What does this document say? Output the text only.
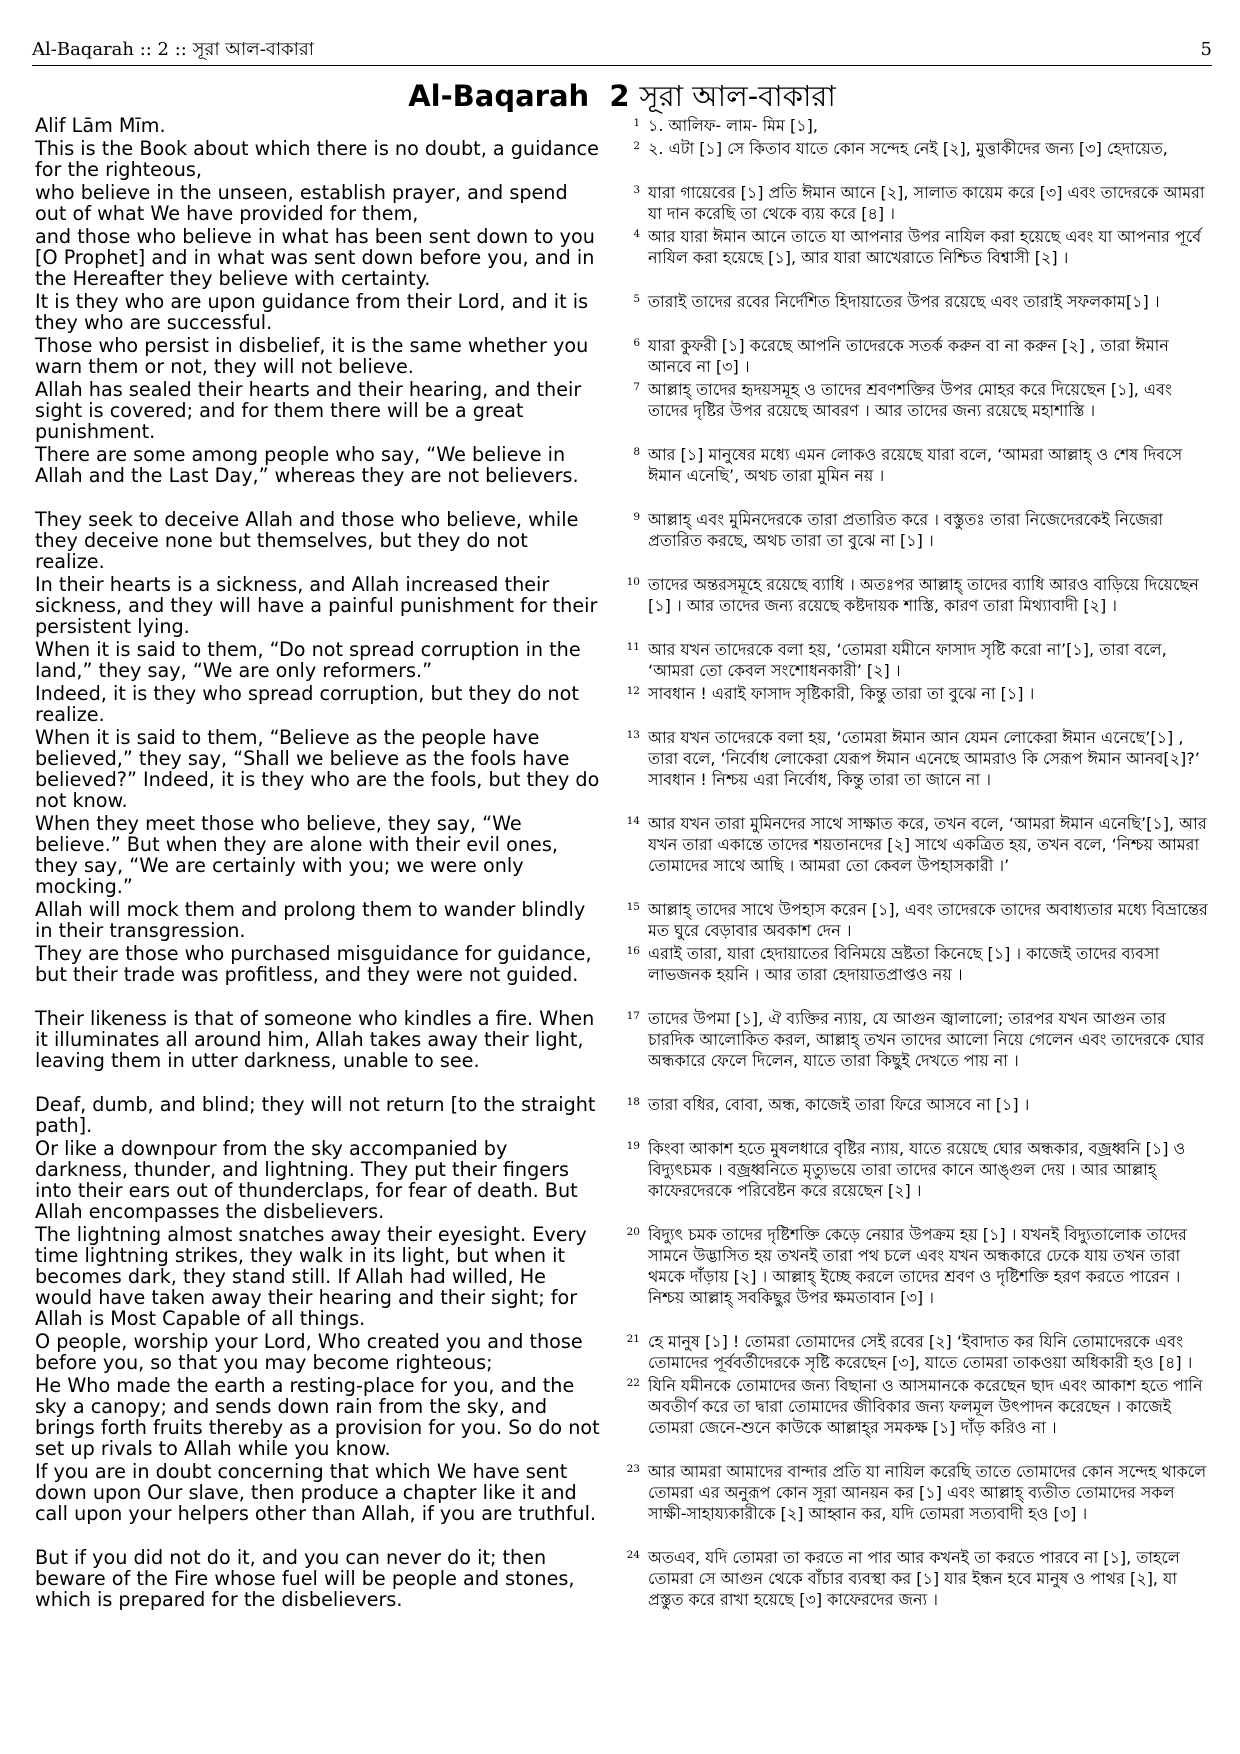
Al-Baqarah :: 2 :: সূরা আল-বাকারা	5
Al-Baqarah  2 সূরা আল-বাকারা
Alif Lām Mīm.	1 ১. আলিফ- লাম- মিম [১],
This is the Book about which there is no doubt, a guidance for the righteous,
2 ২. এটা [১] সে কিতাব যাতে কোন সন্দেহ নেই [২], মুত্তাকীদের জন্য [৩] হেদায়েত,
who believe in the unseen, establish prayer, and spend out of what We have provided for them,
3 যারা গায়েবের [১] প্রতি ঈমান আনে [২], সালাত কায়েম করে [৩] এবং তাদেরকে আমরা যা দান করেছি তা থেকে ব্যয় করে [৪] ।
and those who believe in what has been sent down to you [O Prophet] and in what was sent down before you, and in the Hereafter they believe with certainty.
4 আর যারা ঈমান আনে তাতে যা আপনার উপর নাযিল করা হয়েছে এবং যা আপনার পূর্বে নাযিল করা হয়েছে [১], আর যারা আখেরাতে নিশ্চিত বিশ্বাসী [২] ।
It is they who are upon guidance from their Lord, and it is they who are successful.
5 তারাই তাদের রবের নির্দেশিত হিদায়াতের উপর রয়েছে এবং তারাই সফলকাম[১] ।
Those who persist in disbelief, it is the same whether you warn them or not, they will not believe.
6 যারা কুফরী [১] করেছে আপনি তাদেরকে সতর্ক করুন বা না করুন [২] , তারা ঈমান আনবে না [৩] ।
Allah has sealed their hearts and their hearing, and their sight is covered; and for them there will be a great punishment.
7 আল্লাহ্ তাদের হৃদয়সমূহ ও তাদের শ্রবণশক্তির উপর মোহর করে দিয়েছেন [১], এবং তাদের দৃষ্টির উপর রয়েছে আবরণ । আর তাদের জন্য রয়েছে মহাশাস্তি ।
There are some among people who say, “We believe in Allah and the Last Day,” whereas they are not believers.
8 আর [১] মানুষের মধ্যে এমন লোকও রয়েছে যারা বলে, ‘আমরা আল্লাহ্ ও শেষ দিবসে ঈমান এনেছি’, অথচ তারা মুমিন নয় ।
They seek to deceive Allah and those who believe, while they deceive none but themselves, but they do not realize.
9 আল্লাহ্ এবং মুমিনদেরকে তারা প্রতারিত করে । বস্তুতঃ তারা নিজেদেরকেই নিজেরা প্রতারিত করছে, অথচ তারা তা বুঝে না [১] ।
In their hearts is a sickness, and Allah increased their sickness, and they will have a painful punishment for their persistent lying.
10 তাদের অন্তরসমূহে রয়েছে ব্যাধি । অতঃপর আল্লাহ্ তাদের ব্যাধি আরও বাড়িয়ে দিয়েছেন [১] । আর তাদের জন্য রয়েছে কষ্টদায়ক শাস্তি, কারণ তারা মিথ্যাবাদী [২] ।
When it is said to them, “Do not spread corruption in the land,” they say, “We are only reformers.”
11 আর যখন তাদেরকে বলা হয়, ‘তোমরা যমীনে ফাসাদ সৃষ্টি করো না’[১], তারা বলে, ‘আমরা তো কেবল সংশোধনকারী’ [২] ।
Indeed, it is they who spread corruption, but they do not realize.
12 সাবধান ! এরাই ফাসাদ সৃষ্টিকারী, কিন্তু তারা তা বুঝে না [১] ।
When it is said to them, “Believe as the people have believed,” they say, “Shall we believe as the fools have believed?” Indeed, it is they who are the fools, but they do not know.
13 আর যখন তাদেরকে বলা হয়, ‘তোমরা ঈমান আন যেমন লোকেরা ঈমান এনেছে’[১] , তারা বলে, ‘নির্বোধ লোকেরা যেরূপ ঈমান এনেছে আমরাও কি সেরূপ ঈমান আনব[২]?’ সাবধান ! নিশ্চয় এরা নির্বোধ, কিন্তু তারা তা জানে না ।
When they meet those who believe, they say, “We believe.” But when they are alone with their evil ones, they say, “We are certainly with you; we were only mocking.”
14 আর যখন তারা মুমিনদের সাথে সাক্ষাত করে, তখন বলে, ‘আমরা ঈমান এনেছি’[১], আর যখন তারা একান্তে তাদের শয়তানদের [২] সাথে একত্রিত হয়, তখন বলে, ‘নিশ্চয় আমরা তোমাদের সাথে আছি । আমরা তো কেবল উপহাসকারী ।’
Allah will mock them and prolong them to wander blindly in their transgression.
15 আল্লাহ্ তাদের সাথে উপহাস করেন [১], এবং তাদেরকে তাদের অবাধ্যতার মধ্যে বিভ্রান্তের মত ঘুরে বেড়াবার অবকাশ দেন ।
They are those who purchased misguidance for guidance, but their trade was profitless, and they were not guided.
16 এরাই তারা, যারা হেদায়াতের বিনিময়ে ভ্রষ্টতা কিনেছে [১] । কাজেই তাদের ব্যবসা লাভজনক হয়নি । আর তারা হেদায়াতপ্রাপ্তও নয় ।
Their likeness is that of someone who kindles a fire. When it illuminates all around him, Allah takes away their light, leaving them in utter darkness, unable to see.
17 তাদের উপমা [১], ঐ ব্যক্তির ন্যায়, যে আগুন জ্বালালো; তারপর যখন আগুন তার চারদিক আলোকিত করল, আল্লাহ্ তখন তাদের আলো নিয়ে গেলেন এবং তাদেরকে ঘোর অন্ধকারে ফেলে দিলেন, যাতে তারা কিছুই দেখতে পায় না ।
Deaf, dumb, and blind; they will not return [to the straight path].
18 তারা বধির, বোবা, অন্ধ, কাজেই তারা ফিরে আসবে না [১] ।
Or like a downpour from the sky accompanied by darkness, thunder, and lightning. They put their fingers into their ears out of thunderclaps, for fear of death. But Allah encompasses the disbelievers.
19 কিংবা আকাশ হতে মুষলধারে বৃষ্টির ন্যায়, যাতে রয়েছে ঘোর অন্ধকার, বজ্রধ্বনি [১] ও বিদ্যুৎচমক । বজ্রধ্বনিতে মৃত্যুভয়ে তারা তাদের কানে আঙ্গুল দেয় । আর আল্লাহ্ কাফেরদেরকে পরিবেষ্টন করে রয়েছেন [২] ।
The lightning almost snatches away their eyesight. Every time lightning strikes, they walk in its light, but when it becomes dark, they stand still. If Allah had willed, He would have taken away their hearing and their sight; for Allah is Most Capable of all things.
20 বিদ্যুৎ চমক তাদের দৃষ্টিশক্তি কেড়ে নেয়ার উপক্রম হয় [১] । যখনই বিদ্যুতালোক তাদের সামনে উদ্ভাসিত হয় তখনই তারা পথ চলে এবং যখন অন্ধকারে ঢেকে যায় তখন তারা থমকে দাঁড়ায় [২] । আল্লাহ্ ইচ্ছে করলে তাদের শ্রবণ ও দৃষ্টিশক্তি হরণ করতে পারেন । নিশ্চয় আল্লাহ্ সবকিছুর উপর ক্ষমতাবান [৩] ।
O people, worship your Lord, Who created you and those before you, so that you may become righteous;
21 হে মানুষ [১] ! তোমরা তোমাদের সেই রবের [২] ‘ইবাদাত কর যিনি তোমাদেরকে এবং তোমাদের পূর্ববর্তীদেরকে সৃষ্টি করেছেন [৩], যাতে তোমরা তাকওয়া অধিকারী হও [৪] ।
He Who made the earth a resting-place for you, and the sky a canopy; and sends down rain from the sky, and brings forth fruits thereby as a provision for you. So do not set up rivals to Allah while you know.
22 যিনি যমীনকে তোমাদের জন্য বিছানা ও আসমানকে করেছেন ছাদ এবং আকাশ হতে পানি অবতীর্ণ করে তা দ্বারা তোমাদের জীবিকার জন্য ফলমূল উৎপাদন করেছেন । কাজেই তোমরা জেনে-শুনে কাউকে আল্লাহ্‌র সমকক্ষ [১] দাঁড় করিও না ।
If you are in doubt concerning that which We have sent down upon Our slave, then produce a chapter like it and call upon your helpers other than Allah, if you are truthful.
23 আর আমরা আমাদের বান্দার প্রতি যা নাযিল করেছি তাতে তোমাদের কোন সন্দেহ থাকলে তোমরা এর অনুরূপ কোন সূরা আনয়ন কর [১] এবং আল্লাহ্ ব্যতীত তোমাদের সকল সাক্ষী-সাহায্যকারীকে [২] আহ্বান কর, যদি তোমরা সত্যবাদী হও [৩] ।
But if you did not do it, and you can never do it; then beware of the Fire whose fuel will be people and stones, which is prepared for the disbelievers.
24 অতএব, যদি তোমরা তা করতে না পার আর কখনই তা করতে পারবে না [১], তাহলে তোমরা সে আগুন থেকে বাঁচার ব্যবস্থা কর [১] যার ইন্ধন হবে মানুষ ও পাথর [২], যা প্রস্তুত করে রাখা হয়েছে [৩] কাফেরদের জন্য ।
